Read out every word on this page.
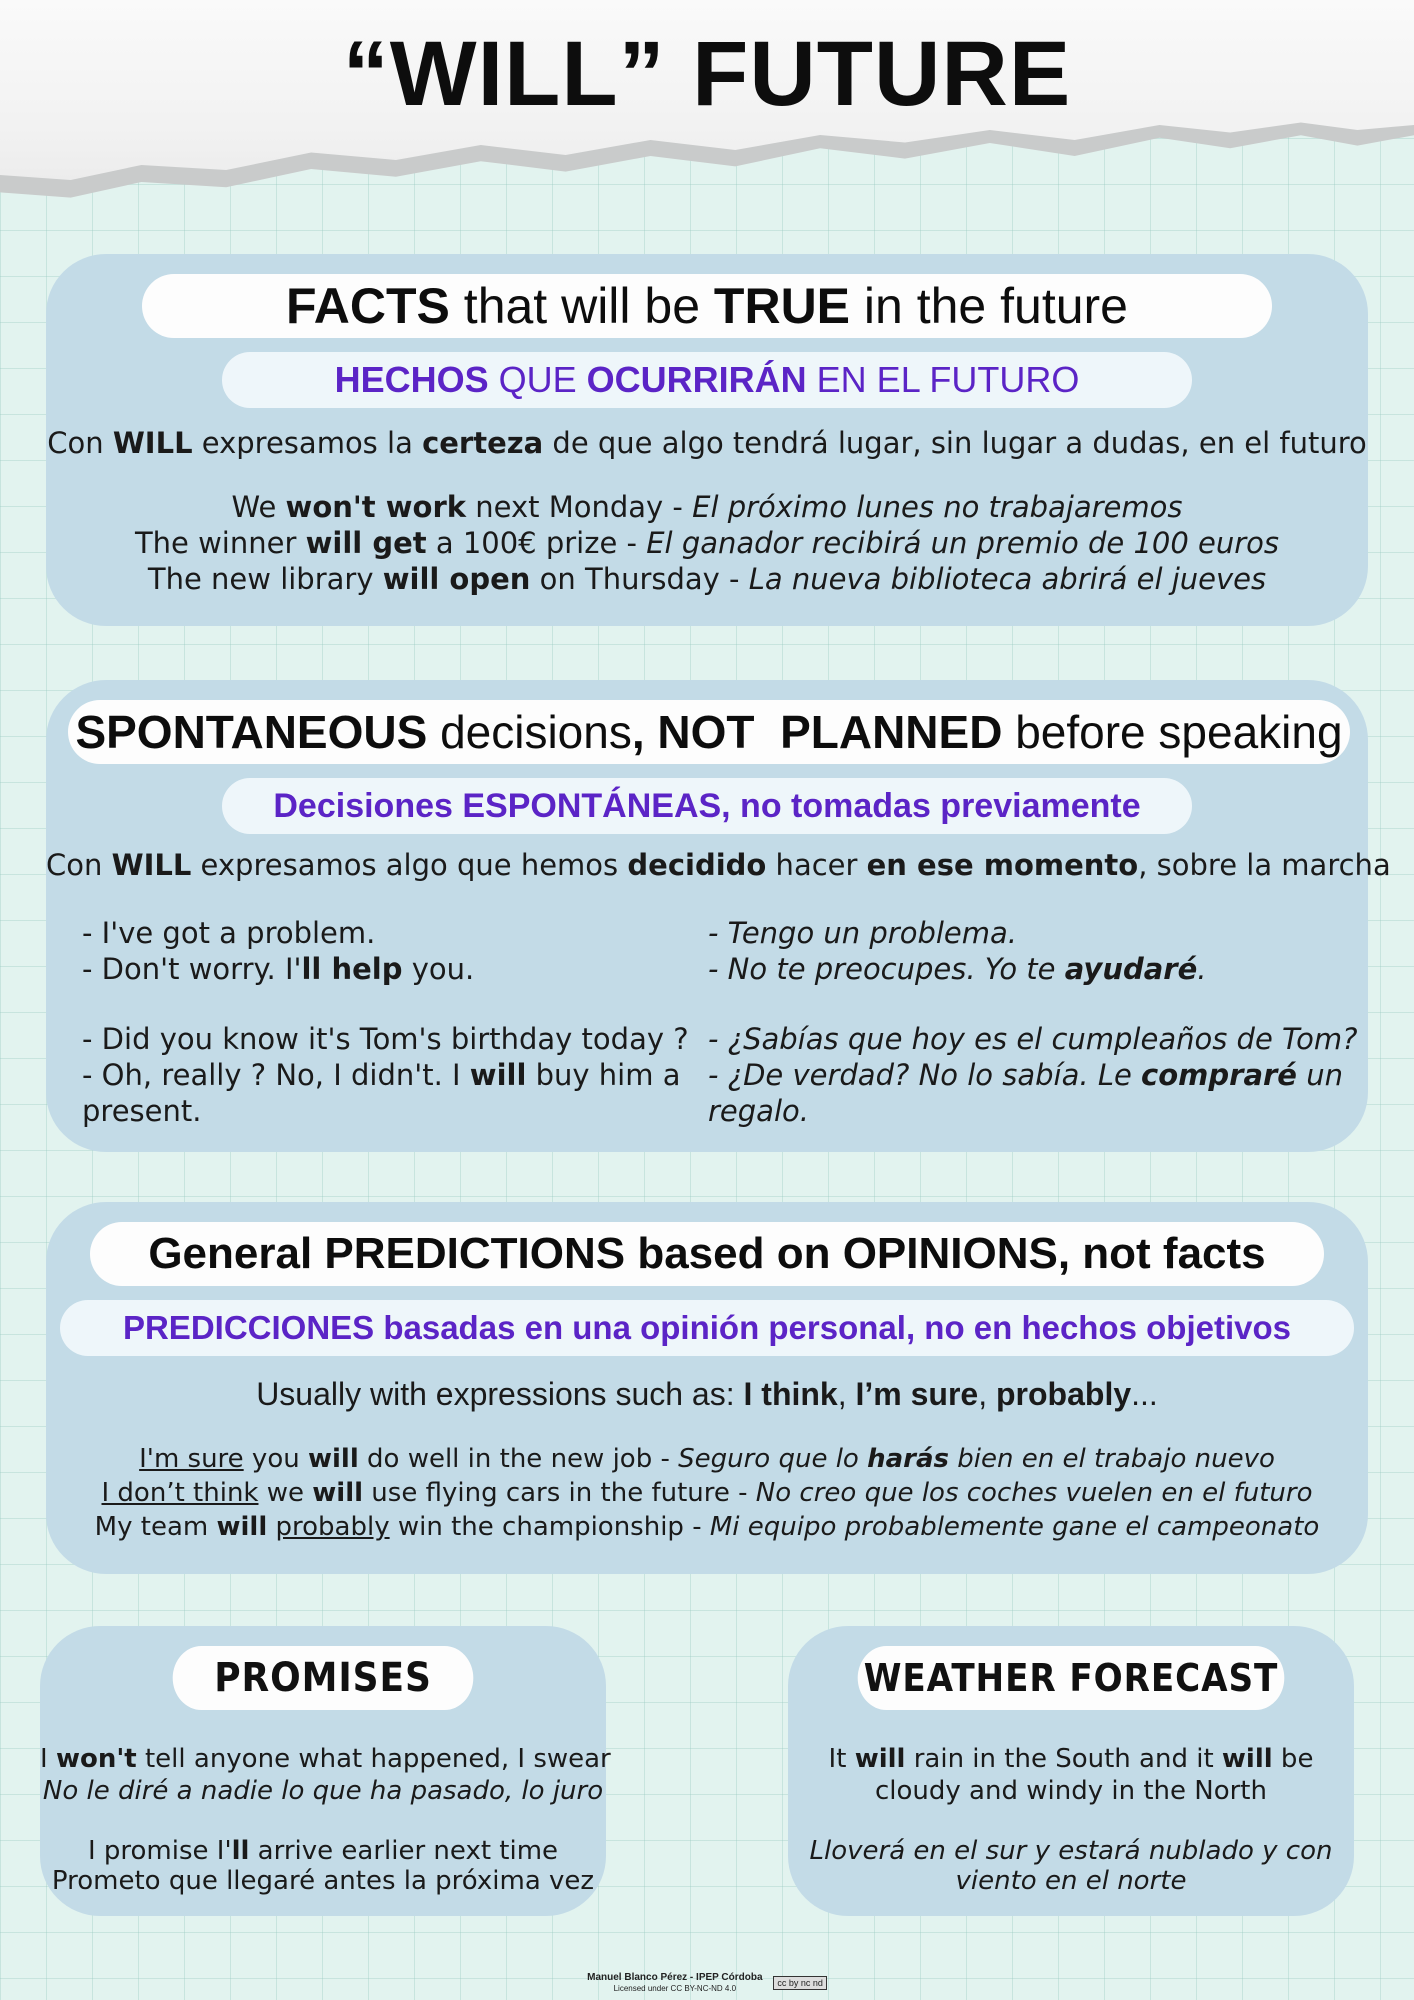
“WILL” FUTURE
FACTS that will be TRUE in the future
HECHOS QUE OCURRIRÁN EN EL FUTURO
Con WILL expresamos la certeza de que algo tendrá lugar, sin lugar a dudas, en el futuro
We won't work next Monday - El próximo lunes no trabajaremos
The winner will get a 100€ prize - El ganador recibirá un premio de 100 euros
The new library will open on Thursday - La nueva biblioteca abrirá el jueves
SPONTANEOUS decisions, NOT  PLANNED before speaking
Decisiones ESPONTÁNEAS, no tomadas previamente
Con WILL expresamos algo que hemos decidido hacer en ese momento, sobre la marcha
- I've got a problem.
- Don't worry. I'll help you.
- Did you know it's Tom's birthday today ?
- Oh, really ? No, I didn't. I will buy him a
present.
- Tengo un problema.
- No te preocupes. Yo te ayudaré.
- ¿Sabías que hoy es el cumpleaños de Tom?
- ¿De verdad? No lo sabía. Le compraré un
regalo.
General PREDICTIONS based on OPINIONS, not facts
PREDICCIONES basadas en una opinión personal, no en hechos objetivos
Usually with expressions such as: I think, I’m sure, probably...
I'm sure you will do well in the new job - Seguro que lo harás bien en el trabajo nuevo
I don’t think we will use flying cars in the future - No creo que los coches vuelen en el futuro
My team will probably win the championship - Mi equipo probablemente gane el campeonato
PROMISES
I won't tell anyone what happened, I swear
No le diré a nadie lo que ha pasado, lo juro
I promise I'll arrive earlier next time
Prometo que llegaré antes la próxima vez
WEATHER FORECAST
It will rain in the South and it will be
cloudy and windy in the North
Lloverá en el sur y estará nublado y con
viento en el norte
Manuel Blanco Pérez - IPEP Córdoba
Licensed under CC BY-NC-ND 4.0
cc by nc nd
